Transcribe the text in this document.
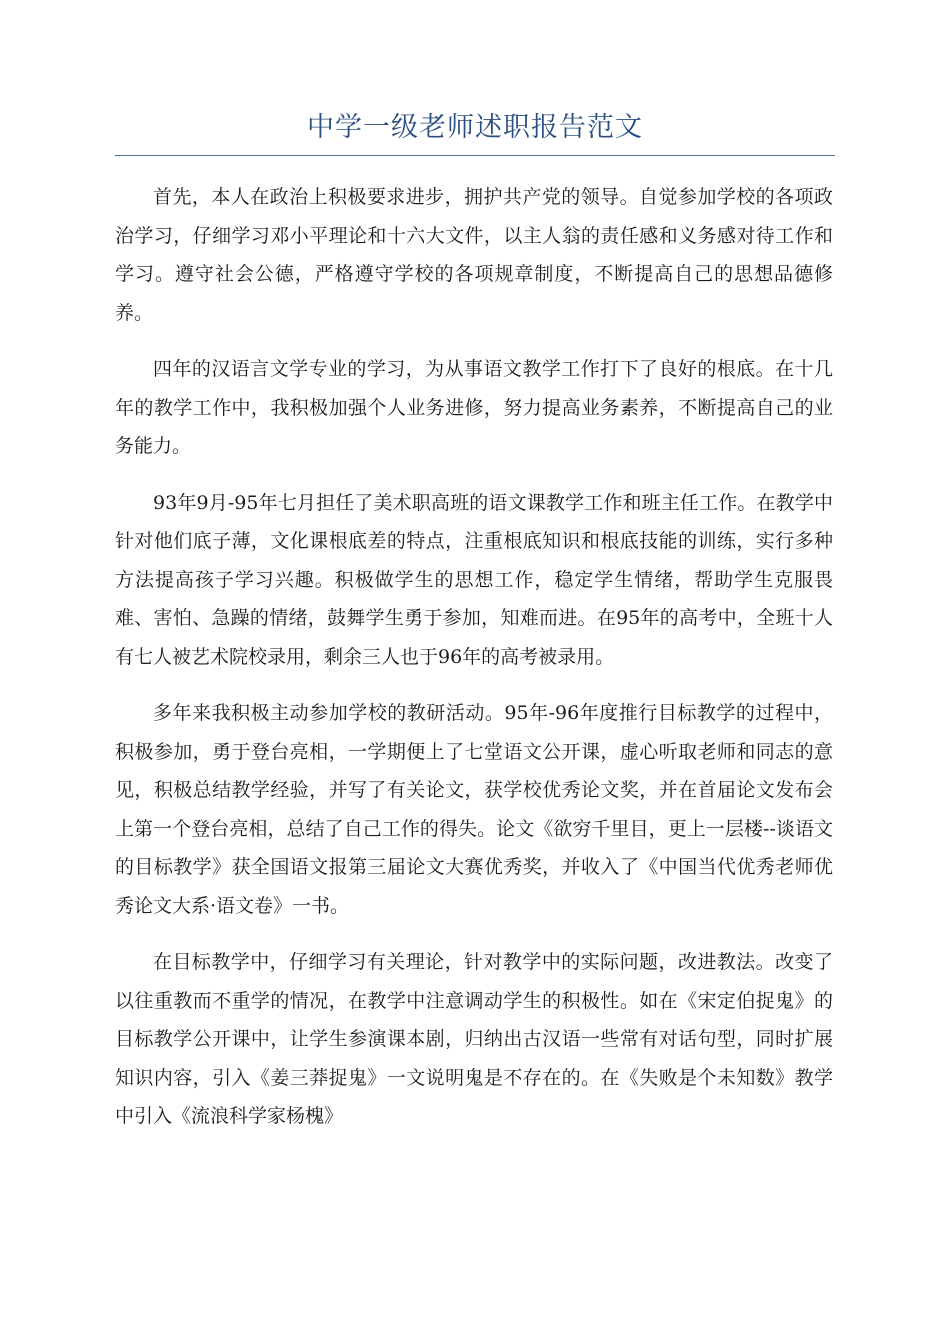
中学一级老师述职报告范文

首先，本人在政治上积极要求进步，拥护共产党的领导。自觉参加学校的各项政治学习，仔细学习邓小平理论和十六大文件，以主人翁的责任感和义务感对待工作和学习。遵守社会公德，严格遵守学校的各项规章制度，不断提高自己的思想品德修养。

四年的汉语言文学专业的学习，为从事语文教学工作打下了良好的根底。在十几年的教学工作中，我积极加强个人业务进修，努力提高业务素养，不断提高自己的业务能力。

93年9月-95年七月担任了美术职高班的语文课教学工作和班主任工作。在教学中针对他们底子薄，文化课根底差的特点，注重根底知识和根底技能的训练，实行多种方法提高孩子学习兴趣。积极做学生的思想工作，稳定学生情绪，帮助学生克服畏难、害怕、急躁的情绪，鼓舞学生勇于参加，知难而进。在95年的高考中，全班十人有七人被艺术院校录用，剩余三人也于96年的高考被录用。

多年来我积极主动参加学校的教研活动。95年-96年度推行目标教学的过程中，积极参加，勇于登台亮相，一学期便上了七堂语文公开课，虚心听取老师和同志的意见，积极总结教学经验，并写了有关论文，获学校优秀论文奖，并在首届论文发布会上第一个登台亮相，总结了自己工作的得失。论文《欲穷千里目，更上一层楼--谈语文的目标教学》获全国语文报第三届论文大赛优秀奖，并收入了《中国当代优秀老师优秀论文大系·语文卷》一书。

在目标教学中，仔细学习有关理论，针对教学中的实际问题，改进教法。改变了以往重教而不重学的情况，在教学中注意调动学生的积极性。如在《宋定伯捉鬼》的目标教学公开课中，让学生参演课本剧，归纳出古汉语一些常有对话句型，同时扩展知识内容，引入《姜三莽捉鬼》一文说明鬼是不存在的。在《失败是个未知数》教学中引入《流浪科学家杨槐》
